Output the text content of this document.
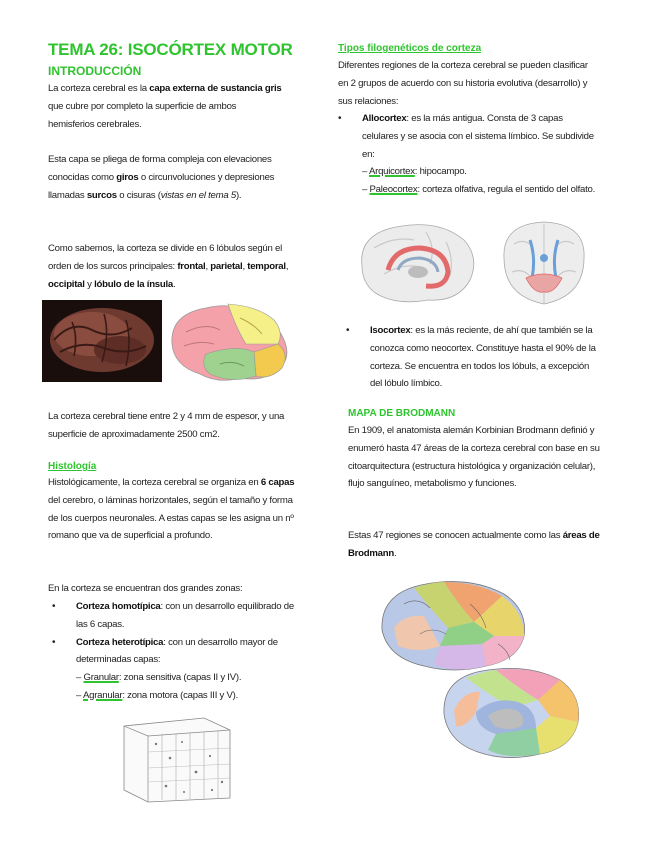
TEMA 26: ISOCÓRTEX MOTOR
INTRODUCCIÓN
La corteza cerebral es la capa externa de sustancia gris que cubre por completo la superficie de ambos hemisferios cerebrales.
Esta capa se pliega de forma compleja con elevaciones conocidas como giros o circunvoluciones y depresiones llamadas surcos o cisuras (vistas en el tema 5).
Como sabemos, la corteza se divide en 6 lóbulos según el orden de los surcos principales: frontal, parietal, temporal, occipital y lóbulo de la ínsula.
La corteza cerebral tiene entre 2 y 4 mm de espesor, y una superficie de aproximadamente 2500 cm2.
Histología
Histológicamente, la corteza cerebral se organiza en 6 capas del cerebro, o láminas horizontales, según el tamaño y forma de los cuerpos neuronales. A estas capas se les asigna un nº romano que va de superficial a profundo.
En la corteza se encuentran dos grandes zonas:
• Corteza homotípica: con un desarrollo equilibrado de las 6 capas.
• Corteza heterotípica: con un desarrollo mayor de determinadas capas:
– Granular: zona sensitiva (capas II y IV).
– Agranular: zona motora (capas III y V).
Tipos filogenéticos de corteza
Diferentes regiones de la corteza cerebral se pueden clasificar en 2 grupos de acuerdo con su historia evolutiva (desarrollo) y sus relaciones:
• Allocortex: es la más antigua. Consta de 3 capas celulares y se asocia con el sistema límbico. Se subdivide en:
– Arquicortex: hipocampo.
– Paleocortex: corteza olfativa, regula el sentido del olfato.
• Isocortex: es la más reciente, de ahí que también se la conozca como neocortex. Constituye hasta el 90% de la corteza. Se encuentra en todos los lóbuls, a excepción del lóbulo límbico.
MAPA DE BRODMANN
En 1909, el anatomista alemán Korbinian Brodmann definió y enumeró hasta 47 áreas de la corteza cerebral con base en su citoarquitectura (estructura histológica y organización celular), flujo sanguíneo, metabolismo y funciones.
Estas 47 regiones se conocen actualmente como las áreas de Brodmann.
